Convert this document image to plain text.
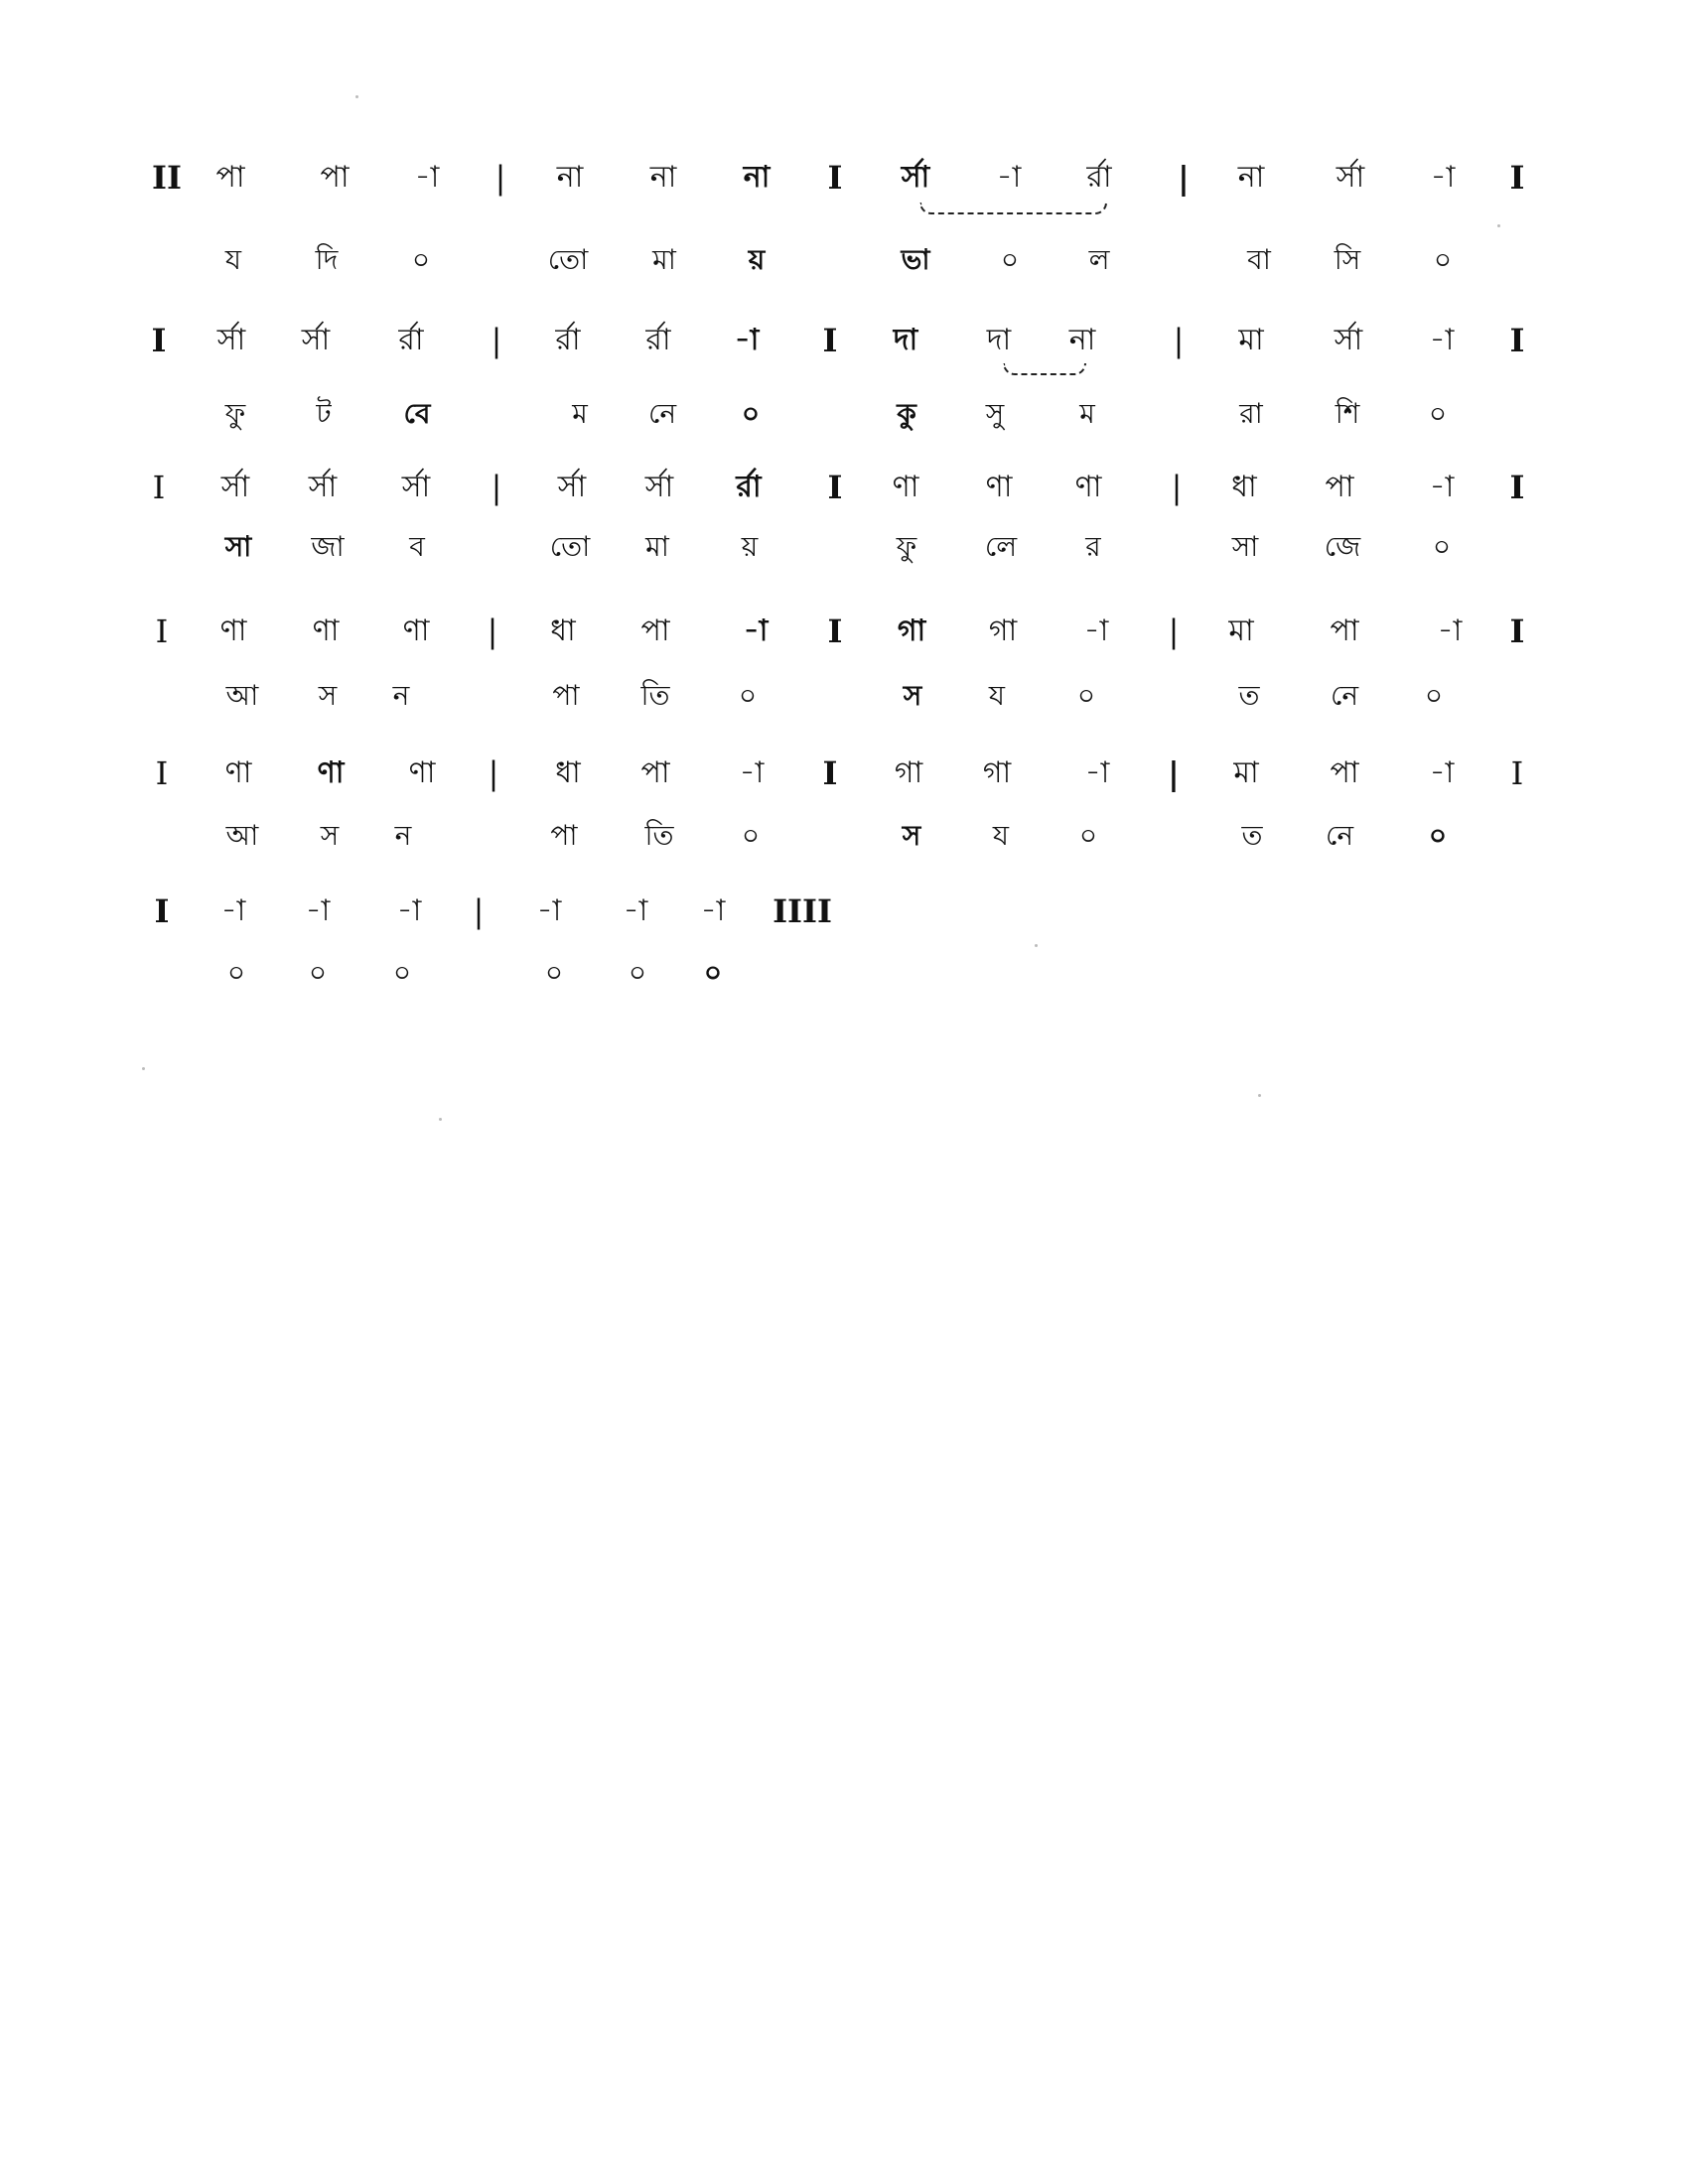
II	পা	পা	-া	|	না	না	না	I	র্সা	-া	র্রা	|	না	র্সা	-া	I
য	দি	০	তো	মা	য়	ভা	০	ল	বা	সি	০
I	র্সা	র্সা	র্রা	|	র্রা	র্রা	-া	I	দা	দা	না	|	মা	র্সা	-া	I
ফু	ট	বে	ম	নে	০	কু	সু	ম	রা	শি	০
I	র্সা	র্সা	র্সা	|	র্সা	র্সা	র্রা	I	ণা	ণা	ণা	|	ধা	পা	-া	I
সা	জা	ব	তো	মা	য়	ফু	লে	র	সা	জে	০
I	ণা	ণা	ণা	|	ধা	পা	-া	I	গা	গা	-া	|	মা	পা	-া	I
আ	স	ন	পা	তি	০	স	য	০	ত	নে	০
I	ণা	ণা	ণা	|	ধা	পা	-া	I	গা	গা	-া	|	মা	পা	-া	I
আ	স	ন	পা	তি	০	স	য	০	ত	নে	০
I	-া	-া	-া	|	-া	-া	-া	IIII
০	০	০	০	০	০
